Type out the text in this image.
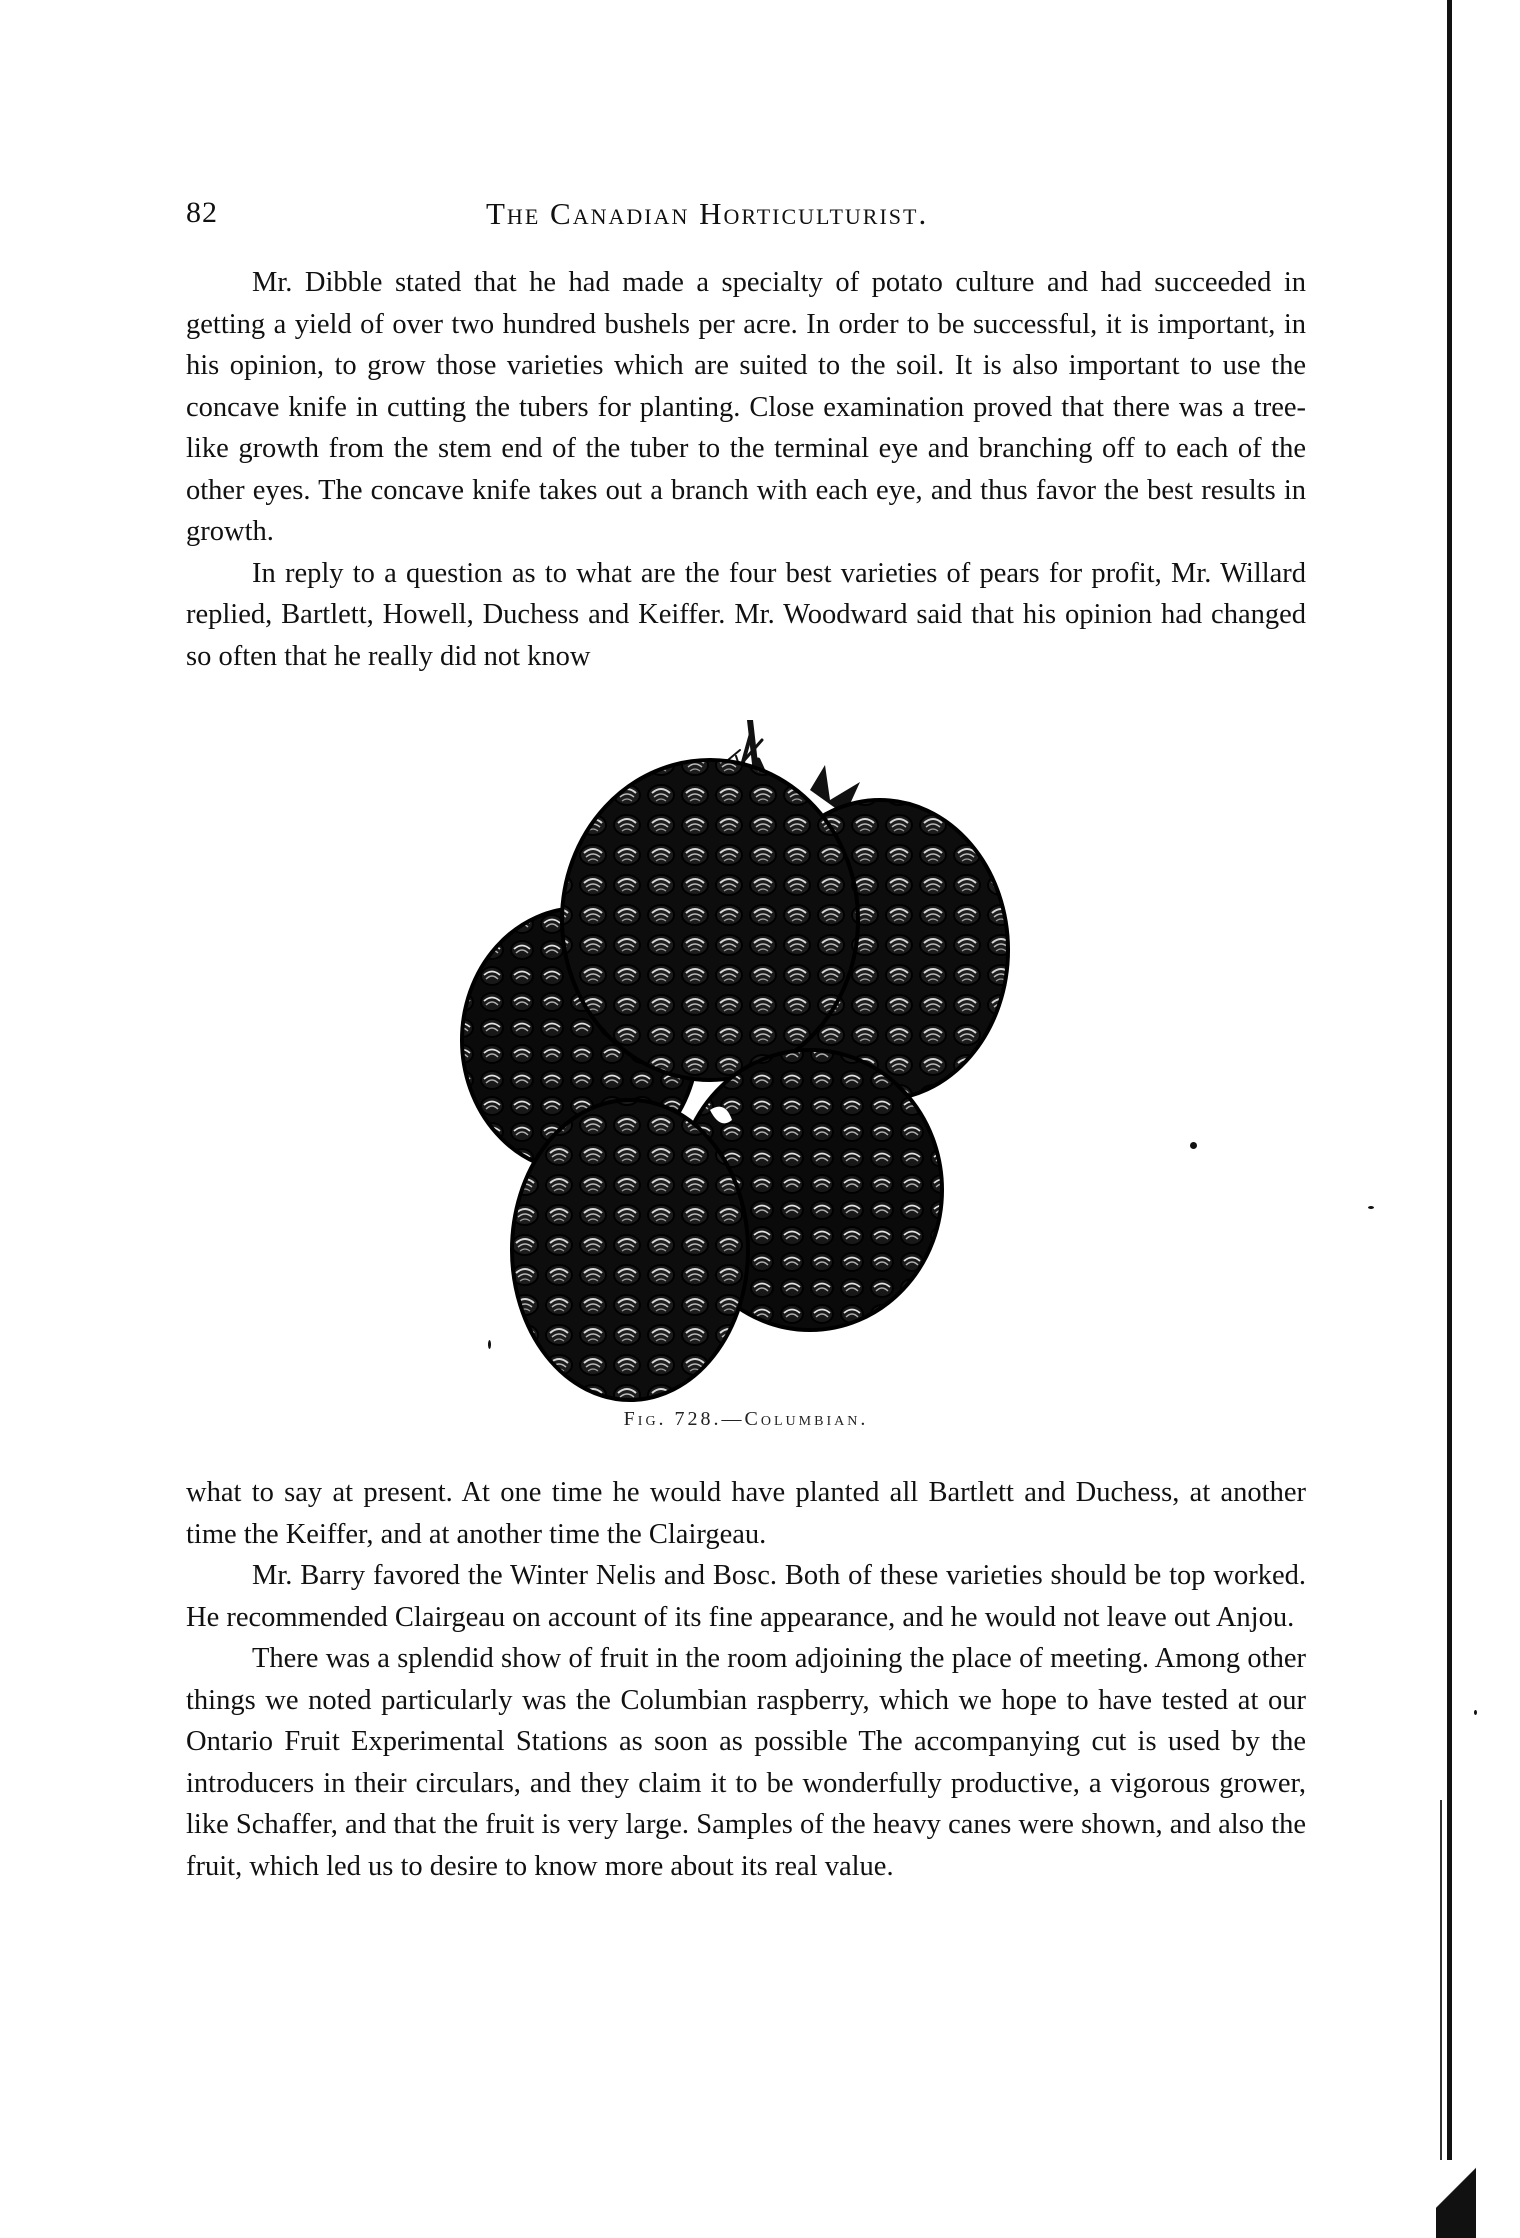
82	The Canadian Horticulturist.

Mr. Dibble stated that he had made a specialty of potato culture and had succeeded in getting a yield of over two hundred bushels per acre. In order to be successful, it is important, in his opinion, to grow those varieties which are suited to the soil. It is also important to use the concave knife in cutting the tubers for planting. Close examination proved that there was a tree-like growth from the stem end of the tuber to the terminal eye and branching off to each of the other eyes. The concave knife takes out a branch with each eye, and thus favor the best results in growth.

In reply to a question as to what are the four best varieties of pears for profit, Mr. Willard replied, Bartlett, Howell, Duchess and Keiffer. Mr. Woodward said that his opinion had changed so often that he really did not know

Fig. 728.—Columbian.

what to say at present. At one time he would have planted all Bartlett and Duchess, at another time the Keiffer, and at another time the Clairgeau.

Mr. Barry favored the Winter Nelis and Bosc. Both of these varieties should be top worked. He recommended Clairgeau on account of its fine appearance, and he would not leave out Anjou.

There was a splendid show of fruit in the room adjoining the place of meeting. Among other things we noted particularly was the Columbian raspberry, which we hope to have tested at our Ontario Fruit Experimental Stations as soon as possible The accompanying cut is used by the introducers in their circulars, and they claim it to be wonderfully productive, a vigorous grower, like Schaffer, and that the fruit is very large. Samples of the heavy canes were shown, and also the fruit, which led us to desire to know more about its real value.
